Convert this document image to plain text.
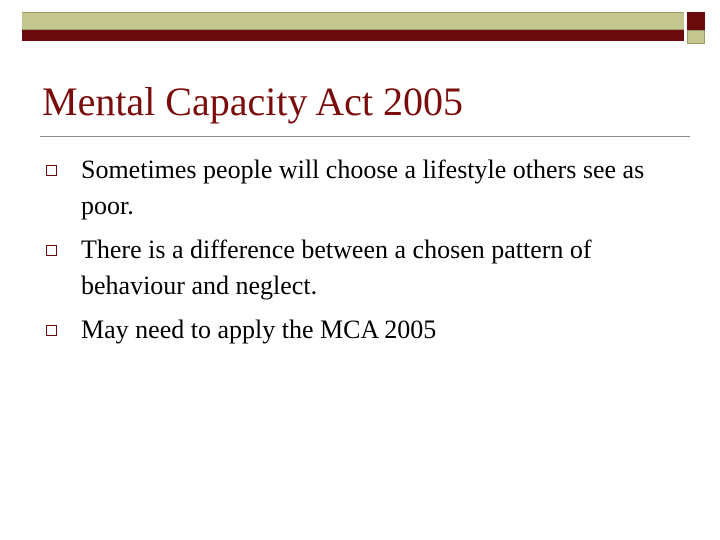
Mental Capacity Act 2005
Sometimes people will choose a lifestyle others see as poor.
There is a difference between a chosen pattern of behaviour and neglect.
May need to apply the MCA 2005
